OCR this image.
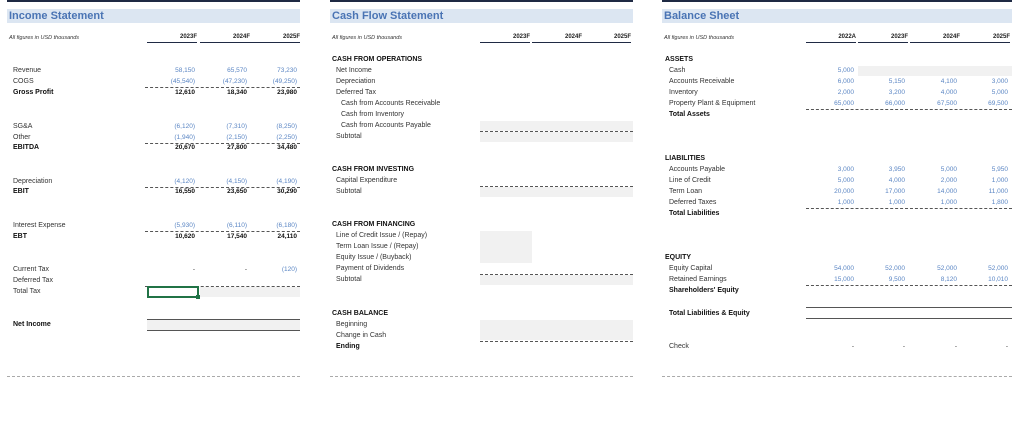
Income Statement
All figures in USD thousands	2023F	2024F	2025F
Revenue	58,150	65,570	73,230
COGS	(45,540)	(47,230)	(49,250)
Gross Profit	12,610	18,340	23,980
SG&A	(6,120)	(7,310)	(8,250)
Other	(1,940)	(2,150)	(2,250)
EBITDA	20,670	27,800	34,480
Depreciation	(4,120)	(4,150)	(4,190)
EBIT	16,550	23,650	30,290
Interest Expense	(5,930)	(6,110)	(6,180)
EBT	10,620	17,540	24,110
Current Tax	-	-	(120)
Deferred Tax
Total Tax
Net Income
Cash Flow Statement
All figures in USD thousands	2023F	2024F	2025F
CASH FROM OPERATIONS
Net Income
Depreciation
Deferred Tax
Cash from Accounts Receivable
Cash from Inventory
Cash from Accounts Payable
Subtotal
CASH FROM INVESTING
Capital Expenditure
Subtotal
CASH FROM FINANCING
Line of Credit Issue / (Repay)
Term Loan Issue / (Repay)
Equity Issue / (Buyback)
Payment of Dividends
Subtotal
CASH BALANCE
Beginning
Change in Cash
Ending
Balance Sheet
All figures in USD thousands	2022A	2023F	2024F	2025F
ASSETS
Cash	5,000
Accounts Receivable	6,000	5,150	4,100	3,000
Inventory	2,000	3,200	4,000	5,000
Property Plant & Equipment	65,000	66,000	67,500	69,500
Total Assets
LIABILITIES
Accounts Payable	3,000	3,950	5,000	5,950
Line of Credit	5,000	4,000	2,000	1,000
Term Loan	20,000	17,000	14,000	11,000
Deferred Taxes	1,000	1,000	1,000	1,800
Total Liabilities
EQUITY
Equity Capital	54,000	52,000	52,000	52,000
Retained Earnings	15,000	9,500	8,120	10,010
Shareholders' Equity
Total Liabilities & Equity
Check	-	-	-	-
